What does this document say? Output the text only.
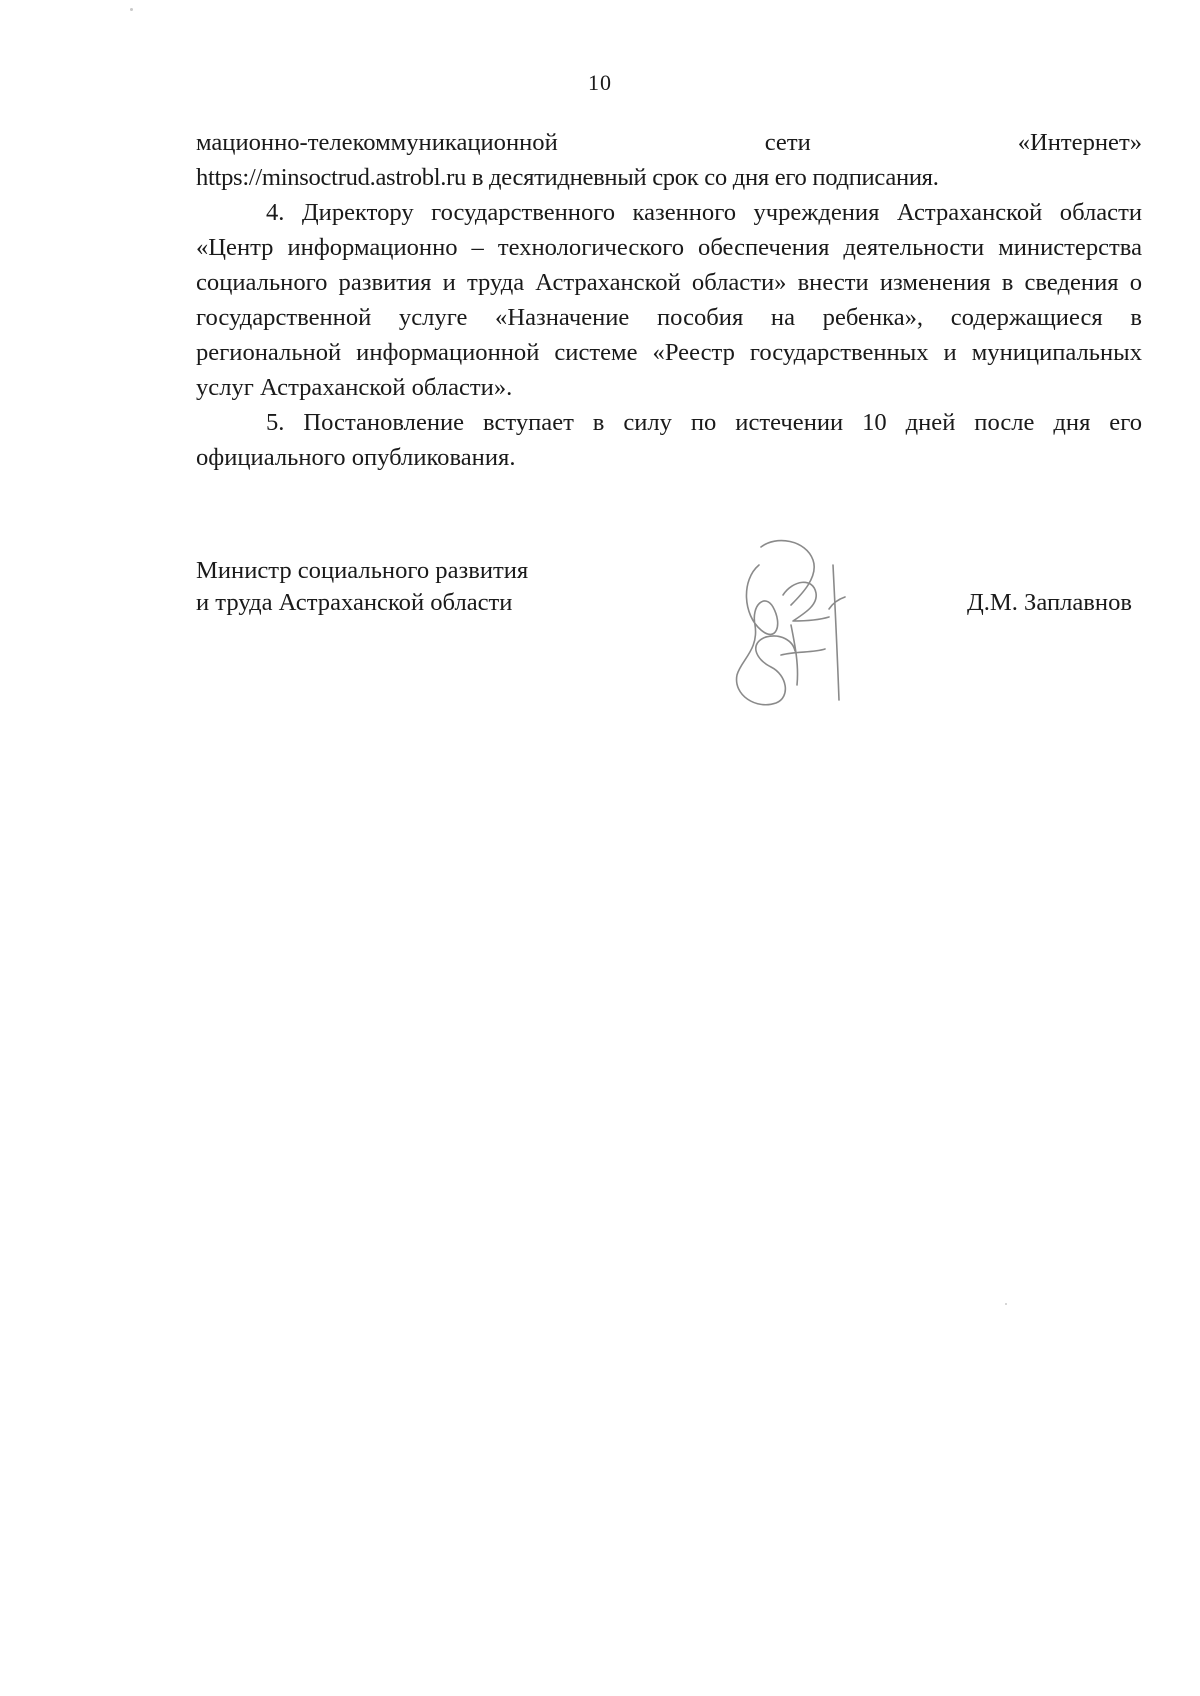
10

мационно-телекоммуникационной	сети	«Интернет»
https://minsoctrud.astrobl.ru в десятидневный срок со дня его подписания.

4. Директору государственного казенного учреждения Астраханской области «Центр информационно – технологического обеспечения деятельности министерства социального развития и труда Астраханской области» внести изменения в сведения о государственной услуге «Назначение пособия на ребенка», содержащиеся в региональной информационной системе «Реестр государственных и муниципальных услуг Астраханской области».

5. Постановление вступает в силу по истечении 10 дней после дня его официального опубликования.

Министр социального развития
и труда Астраханской области	Д.М. Заплавнов
